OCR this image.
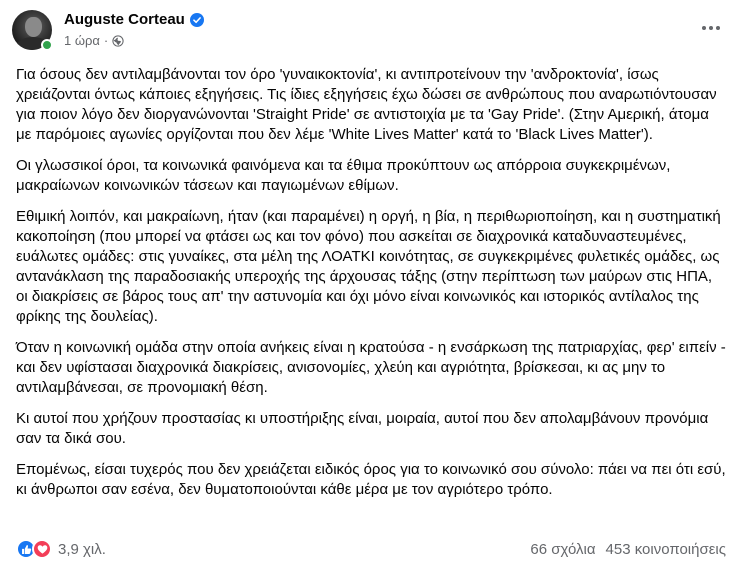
Auguste Corteau
1 ώρα ·

Για όσους δεν αντιλαμβάνονται τον όρο 'γυναικοκτονία', κι αντιπροτείνουν την 'ανδροκτονία', ίσως χρειάζονται όντως κάποιες εξηγήσεις. Τις ίδιες εξηγήσεις έχω δώσει σε ανθρώπους που αναρωτιόντουσαν για ποιον λόγο δεν διοργανώνονται 'Straight Pride' σε αντιστοιχία με τα 'Gay Pride'. (Στην Αμερική, άτομα με παρόμοιες αγωνίες οργίζονται που δεν λέμε 'White Lives Matter' κατά το 'Black Lives Matter').

Οι γλωσσικοί όροι, τα κοινωνικά φαινόμενα και τα έθιμα προκύπτουν ως απόρροια συγκεκριμένων, μακραίωνων κοινωνικών τάσεων και παγιωμένων εθίμων.

Εθιμική λοιπόν, και μακραίωνη, ήταν (και παραμένει) η οργή, η βία, η περιθωριοποίηση, και η συστηματική κακοποίηση (που μπορεί να φτάσει ως και τον φόνο) που ασκείται σε διαχρονικά καταδυναστευμένες, ευάλωτες ομάδες: στις γυναίκες, στα μέλη της ΛΟΑΤΚΙ κοινότητας, σε συγκεκριμένες φυλετικές ομάδες, ως αντανάκλαση της παραδοσιακής υπεροχής της άρχουσας τάξης (στην περίπτωση των μαύρων στις ΗΠΑ, οι διακρίσεις σε βάρος τους απ' την αστυνομία και όχι μόνο είναι κοινωνικός και ιστορικός αντίλαλος της φρίκης της δουλείας).

Όταν η κοινωνική ομάδα στην οποία ανήκεις είναι η κρατούσα - η ενσάρκωση της πατριαρχίας, φερ' ειπείν - και δεν υφίστασαι διαχρονικά διακρίσεις, ανισονομίες, χλεύη και αγριότητα, βρίσκεσαι, κι ας μην το αντιλαμβάνεσαι, σε προνομιακή θέση.

Κι αυτοί που χρήζουν προστασίας κι υποστήριξης είναι, μοιραία, αυτοί που δεν απολαμβάνουν προνόμια σαν τα δικά σου.

Επομένως, είσαι τυχερός που δεν χρειάζεται ειδικός όρος για το κοινωνικό σου σύνολο: πάει να πει ότι εσύ, κι άνθρωποι σαν εσένα, δεν θυματοποιούνται κάθε μέρα με τον αγριότερο τρόπο.

3,9 χιλ.	66 σχόλια 453 κοινοποιήσεις
